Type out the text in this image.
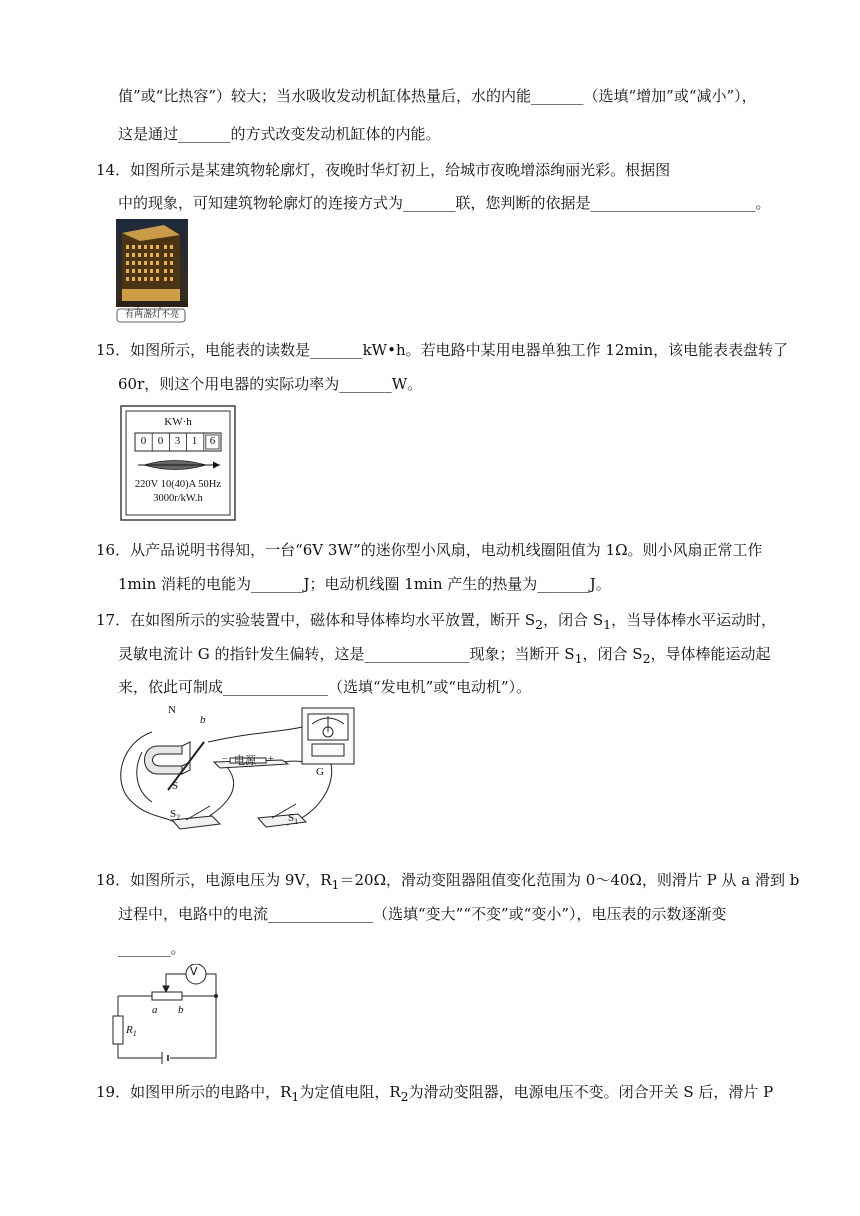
值”或“比热容”）较大；当水吸收发动机缸体热量后，水的内能_______（选填“增加”或“减小”），
这是通过_______的方式改变发动机缸体的内能。
14．如图所示是某建筑物轮廓灯，夜晚时华灯初上，给城市夜晚增添绚丽光彩。根据图
中的现象，可知建筑物轮廓灯的连接方式为_______联，您判断的依据是______________________。
有两盏灯不亮
15．如图所示，电能表的读数是_______kW•h。若电路中某用电器单独工作 12min，该电能表表盘转了
60r，则这个用电器的实际功率为_______W。
KW·h
0	0	3	1	6
220V 10(40)A 50Hz
3000r/kW.h
16．从产品说明书得知，一台“6V 3W”的迷你型小风扇，电动机线圈阻值为 1Ω。则小风扇正常工作
1min 消耗的电能为_______J；电动机线圈 1min 产生的热量为_______J。
17．在如图所示的实验装置中，磁体和导体棒均水平放置，断开 $S_2$，闭合 $S_1$，当导体棒水平运动时，
灵敏电流计 G 的指针发生偏转，这是______________现象；当断开 $S_1$，闭合 $S_2$，导体棒能运动起
来，依此可制成______________（选填“发电机”或“电动机”）。
N
S
b
电源
−	+
G
$S_2$	$S_1$
18．如图所示，电源电压为 9V，$R_1=20\Omega$，滑动变阻器阻值变化范围为 0～40Ω，则滑片 P 从 a 滑到 b
过程中，电路中的电流______________（选填“变大”“不变”或“变小”），电压表的示数逐渐变
_______。
V
a b
$R_1$
19．如图甲所示的电路中，$R_1$为定值电阻，$R_2$为滑动变阻器，电源电压不变。闭合开关 S 后，滑片 P
